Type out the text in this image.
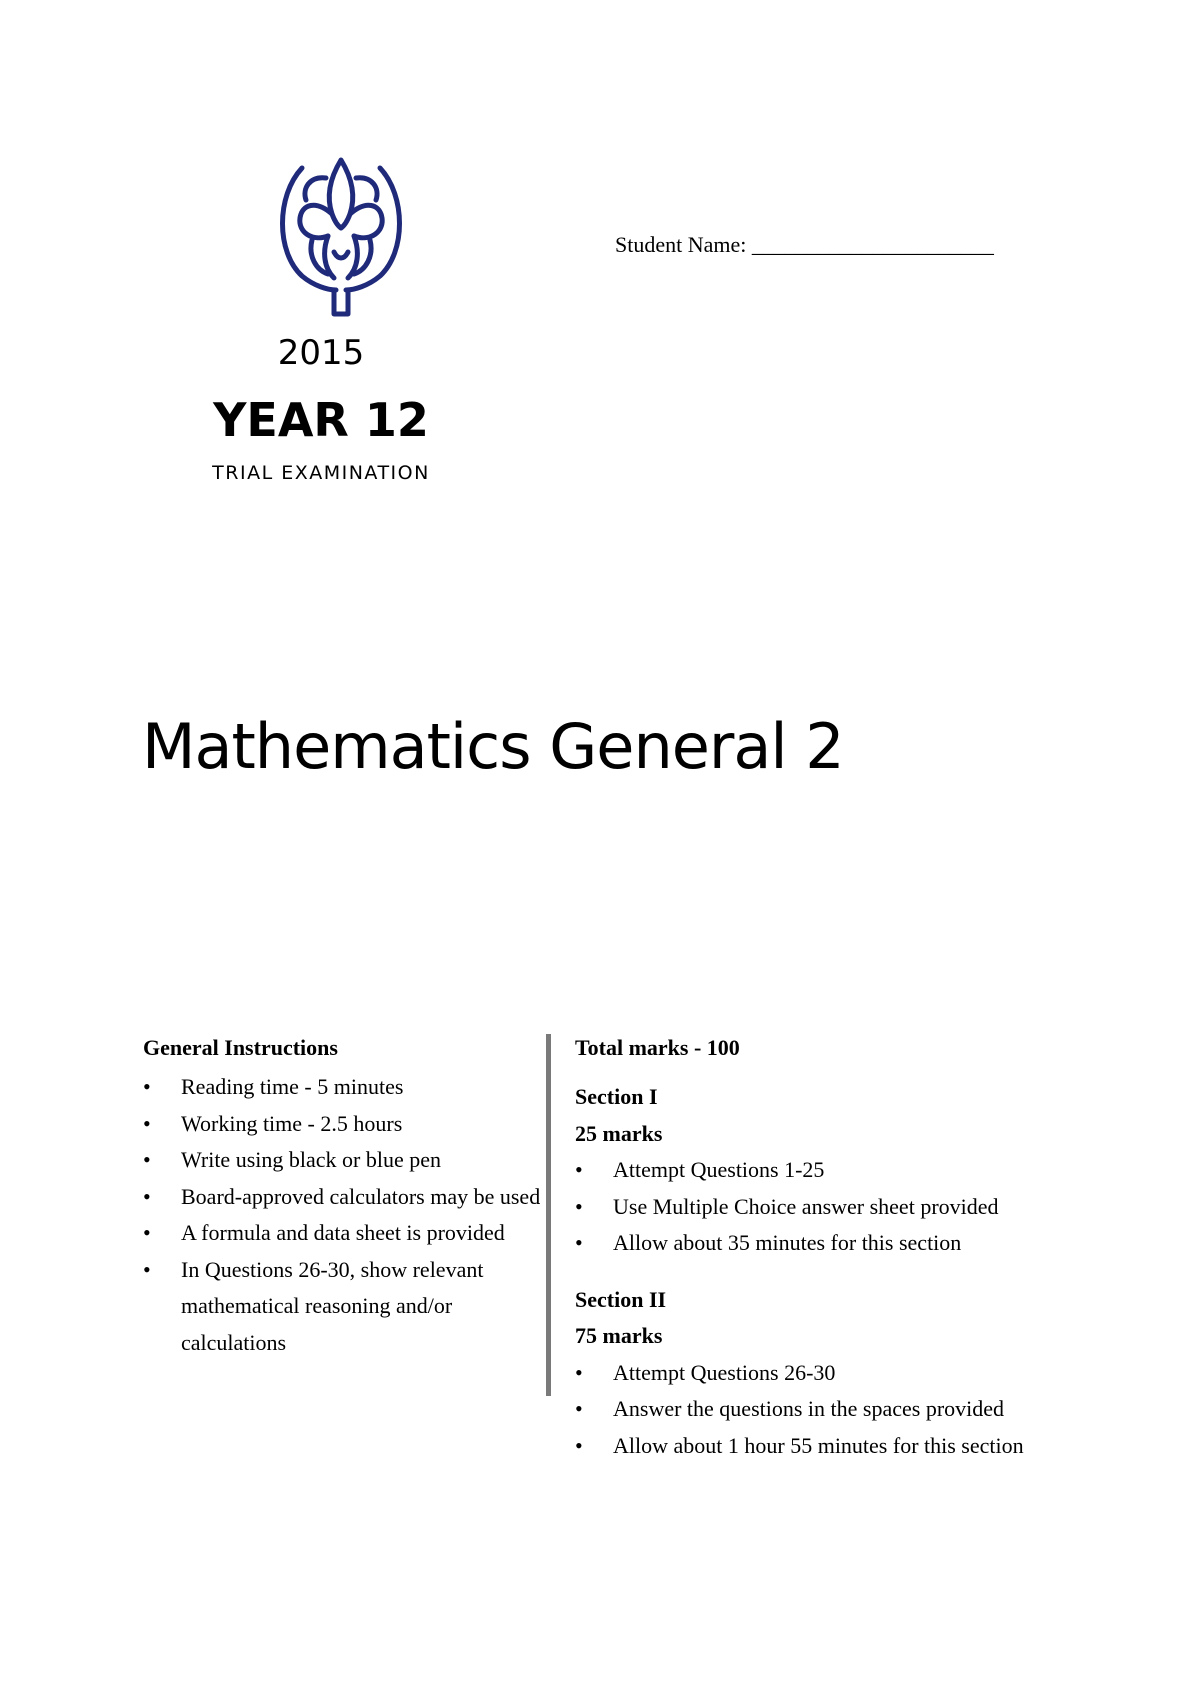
Student Name: ______________________
2015
YEAR 12
TRIAL EXAMINATION
Mathematics General 2
General Instructions
• Reading time - 5 minutes
• Working time - 2.5 hours
• Write using black or blue pen
• Board-approved calculators may be used
• A formula and data sheet is provided
• In Questions 26-30, show relevant mathematical reasoning and/or calculations
Total marks - 100
Section I
25 marks
• Attempt Questions 1-25
• Use Multiple Choice answer sheet provided
• Allow about 35 minutes for this section
Section II
75 marks
• Attempt Questions 26-30
• Answer the questions in the spaces provided
• Allow about 1 hour 55 minutes for this section
